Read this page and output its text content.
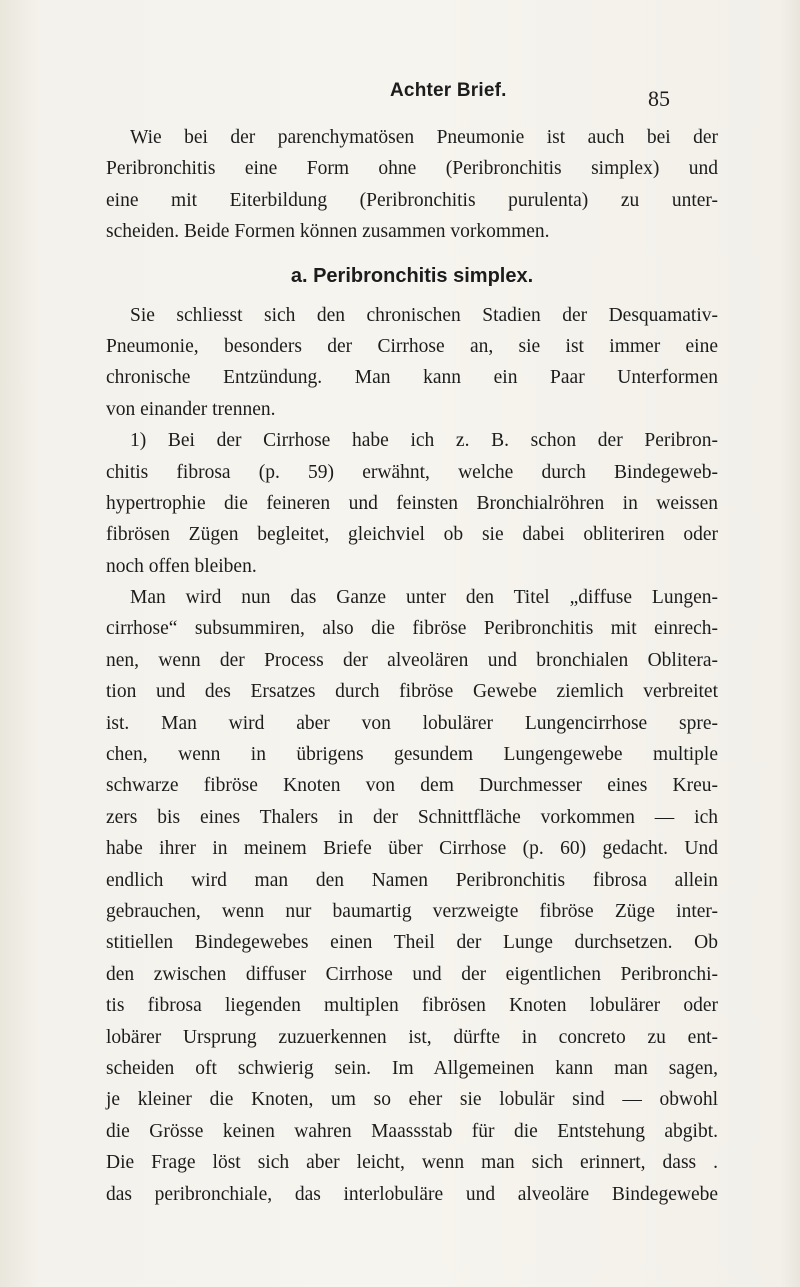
Achter Brief.	85
Wie bei der parenchymatösen Pneumonie ist auch bei der
Peribronchitis eine Form ohne (Peribronchitis simplex) und
eine mit Eiterbildung (Peribronchitis purulenta) zu unter-
scheiden. Beide Formen können zusammen vorkommen.
a. Peribronchitis simplex.
Sie schliesst sich den chronischen Stadien der Desquamativ-
Pneumonie, besonders der Cirrhose an, sie ist immer eine
chronische Entzündung. Man kann ein Paar Unterformen
von einander trennen.
1) Bei der Cirrhose habe ich z. B. schon der Peribron-
chitis fibrosa (p. 59) erwähnt, welche durch Bindegeweb-
hypertrophie die feineren und feinsten Bronchialröhren in weissen
fibrösen Zügen begleitet, gleichviel ob sie dabei obliteriren oder
noch offen bleiben.
Man wird nun das Ganze unter den Titel „diffuse Lungen-
cirrhose“ subsummiren, also die fibröse Peribronchitis mit einrech-
nen, wenn der Process der alveolären und bronchialen Oblitera-
tion und des Ersatzes durch fibröse Gewebe ziemlich verbreitet
ist. Man wird aber von lobulärer Lungencirrhose spre-
chen, wenn in übrigens gesundem Lungengewebe multiple
schwarze fibröse Knoten von dem Durchmesser eines Kreu-
zers bis eines Thalers in der Schnittfläche vorkommen — ich
habe ihrer in meinem Briefe über Cirrhose (p. 60) gedacht. Und
endlich wird man den Namen Peribronchitis fibrosa allein
gebrauchen, wenn nur baumartig verzweigte fibröse Züge inter-
stitiellen Bindegewebes einen Theil der Lunge durchsetzen. Ob
den zwischen diffuser Cirrhose und der eigentlichen Peribronchi-
tis fibrosa liegenden multiplen fibrösen Knoten lobulärer oder
lobärer Ursprung zuzuerkennen ist, dürfte in concreto zu ent-
scheiden oft schwierig sein. Im Allgemeinen kann man sagen,
je kleiner die Knoten, um so eher sie lobulär sind — obwohl
die Grösse keinen wahren Maassstab für die Entstehung abgibt.
Die Frage löst sich aber leicht, wenn man sich erinnert, dass .
das peribronchiale, das interlobuläre und alveoläre Bindegewebe
